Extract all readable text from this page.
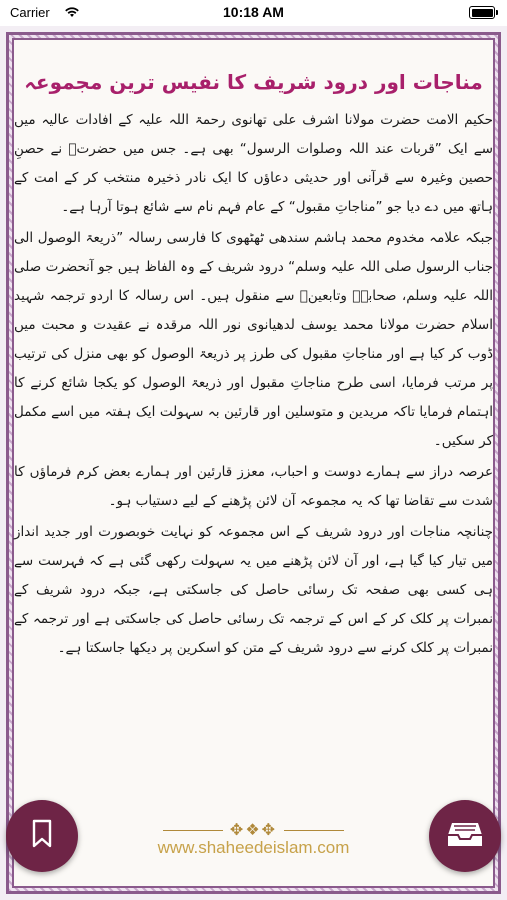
Carrier	10:18 AM
مناجات اور درود شریف کا نفیس ترین مجموعہ

حکیم الامت حضرت مولانا اشرف علی تھانوی رحمۃ اللہ علیہ کے افادات عالیہ میں سے ایک ”قربات عند اللہ وصلوات الرسول“ بھی ہے۔ جس میں حضرتؒ نے حصنِ حصین وغیرہ سے قرآنی اور حدیثی دعاؤں کا ایک نادر ذخیرہ منتخب کر کے امت کے ہاتھ میں دے دیا جو ”مناجاتِ مقبول“ کے عام فہم نام سے شائع ہوتا آرہا ہے۔

جبکہ علامہ مخدوم محمد ہاشم سندھی ٹھٹھوی کا فارسی رسالہ ”ذریعۃ الوصول الی جناب الرسول صلی اللہ علیہ وسلم“ درود شریف کے وہ الفاظ ہیں جو آنحضرت صلی اللہ علیہ وسلم، صحابہؓ وتابعینؒ سے منقول ہیں۔ اس رسالہ کا اردو ترجمہ شہید اسلام حضرت مولانا محمد یوسف لدھیانوی نور اللہ مرقدہ نے عقیدت و محبت میں ڈوب کر کیا ہے اور مناجاتِ مقبول کی طرز پر ذریعۃ الوصول کو بھی منزل کی ترتیب پر مرتب فرمایا، اسی طرح مناجاتِ مقبول اور ذریعۃ الوصول کو یکجا شائع کرنے کا اہتمام فرمایا تاکہ مریدین و متوسلین اور قارئین بہ سہولت ایک ہفتہ میں اسے مکمل کر سکیں۔

عرصہ دراز سے ہمارے دوست و احباب، معزز قارئین اور ہمارے بعض کرم فرماؤں کا شدت سے تقاضا تھا کہ یہ مجموعہ آن لائن پڑھنے کے لیے دستیاب ہو۔

چنانچہ مناجات اور درود شریف کے اس مجموعہ کو نہایت خوبصورت اور جدید انداز میں تیار کیا گیا ہے، اور آن لائن پڑھنے میں یہ سہولت رکھی گئی ہے کہ فہرست سے ہی کسی بھی صفحہ تک رسائی حاصل کی جاسکتی ہے، جبکہ درود شریف کے نمبرات پر کلک کر کے اس کے ترجمہ تک رسائی حاصل کی جاسکتی ہے اور ترجمہ کے نمبرات پر کلک کرنے سے درود شریف کے متن کو اسکرین پر دیکھا جاسکتا ہے۔

✥❖✥
www.shaheedeislam.com
